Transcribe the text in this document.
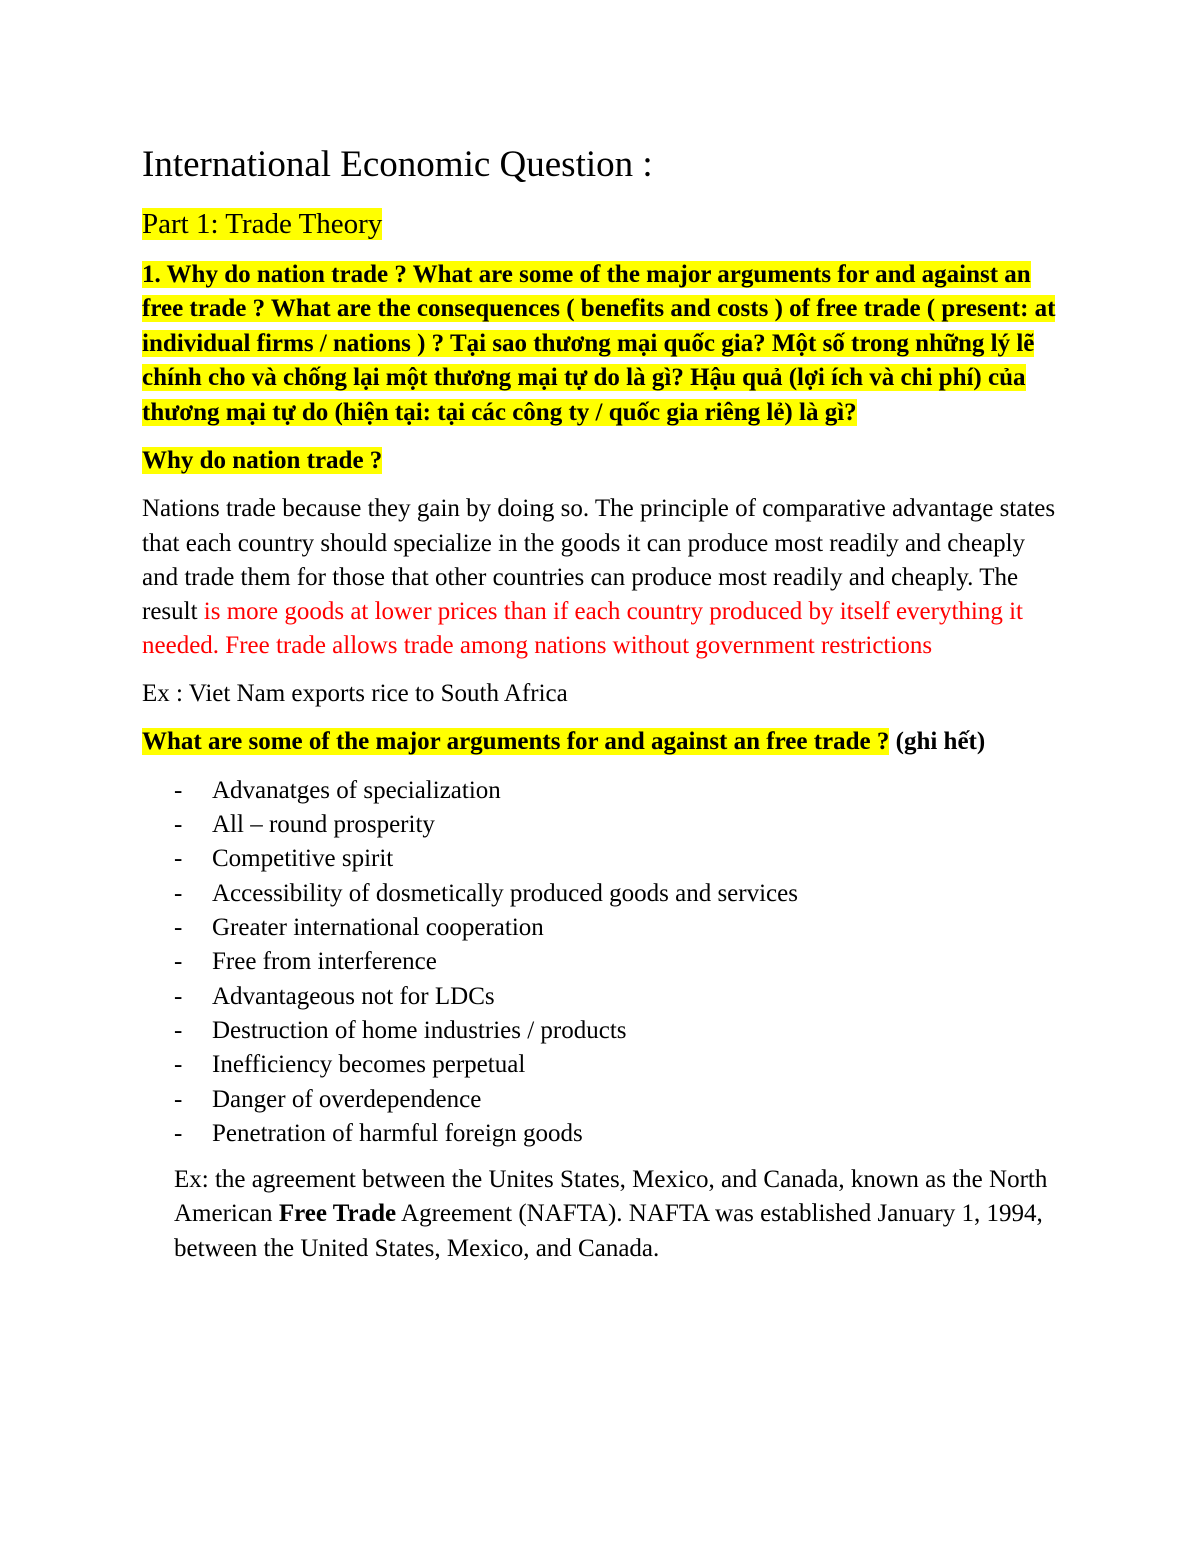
International Economic Question :
Part 1: Trade Theory
1. Why do nation trade ? What are some of the major arguments for and against an free trade ? What are the consequences ( benefits and costs ) of free trade ( present: at individual firms / nations ) ? Tại sao thương mại quốc gia? Một số trong những lý lẽ chính cho và chống lại một thương mại tự do là gì? Hậu quả (lợi ích và chi phí) của thương mại tự do (hiện tại: tại các công ty / quốc gia riêng lẻ) là gì?
Why do nation trade ?

Nations trade because they gain by doing so. The principle of comparative advantage states that each country should specialize in the goods it can produce most readily and cheaply and trade them for those that other countries can produce most readily and cheaply. The result is more goods at lower prices than if each country produced by itself everything it needed. Free trade allows trade among nations without government restrictions

Ex : Viet Nam exports rice to South Africa

What are some of the major arguments for and against an free trade ? (ghi hết)
- Advanatges of specialization
- All – round prosperity
- Competitive spirit
- Accessibility of dosmetically produced goods and services
- Greater international cooperation
- Free from interference
- Advantageous not for LDCs
- Destruction of home industries / products
- Inefficiency becomes perpetual
- Danger of overdependence
- Penetration of harmful foreign goods

Ex: the agreement between the Unites States, Mexico, and Canada, known as the North American Free Trade Agreement (NAFTA). NAFTA was established January 1, 1994, between the United States, Mexico, and Canada.
